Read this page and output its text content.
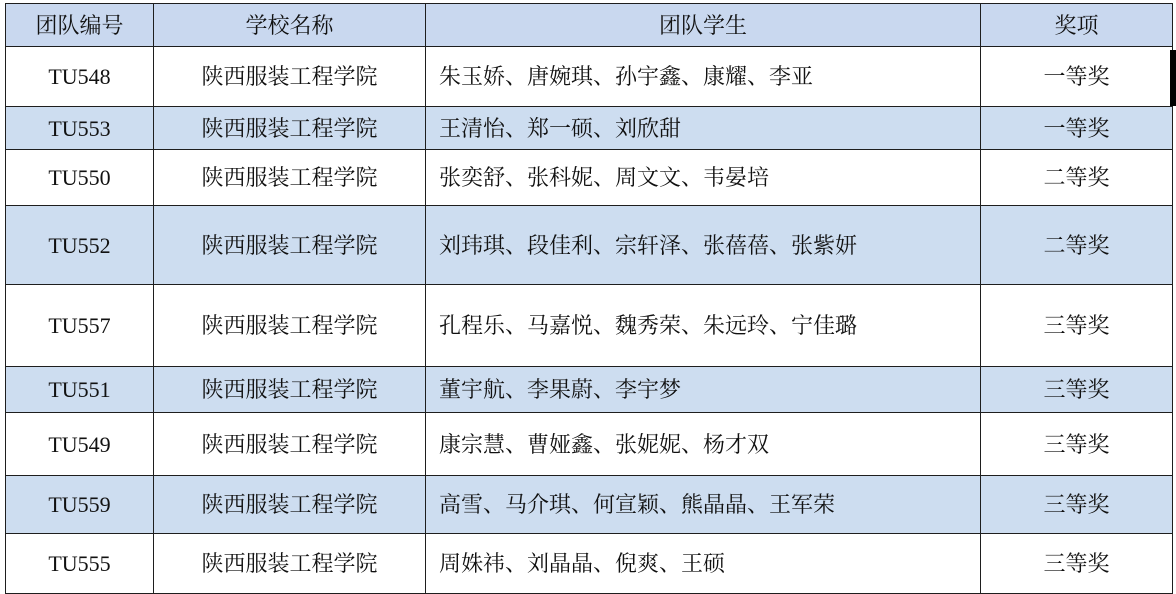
团队编号	学校名称	团队学生	奖项
TU548	陕西服装工程学院	朱玉娇、唐婉琪、孙宇鑫、康耀、李亚	一等奖
TU553	陕西服装工程学院	王清怡、郑一硕、刘欣甜	一等奖
TU550	陕西服装工程学院	张奕舒、张科妮、周文文、韦晏培	二等奖
TU552	陕西服装工程学院	刘玮琪、段佳利、宗轩泽、张蓓蓓、张紫妍	二等奖
TU557	陕西服装工程学院	孔程乐、马嘉悦、魏秀荣、朱远玲、宁佳璐	三等奖
TU551	陕西服装工程学院	董宇航、李果蔚、李宇梦	三等奖
TU549	陕西服装工程学院	康宗慧、曹娅鑫、张妮妮、杨才双	三等奖
TU559	陕西服装工程学院	高雪、马介琪、何宣颖、熊晶晶、王军荣	三等奖
TU555	陕西服装工程学院	周姝祎、刘晶晶、倪爽、王硕	三等奖
